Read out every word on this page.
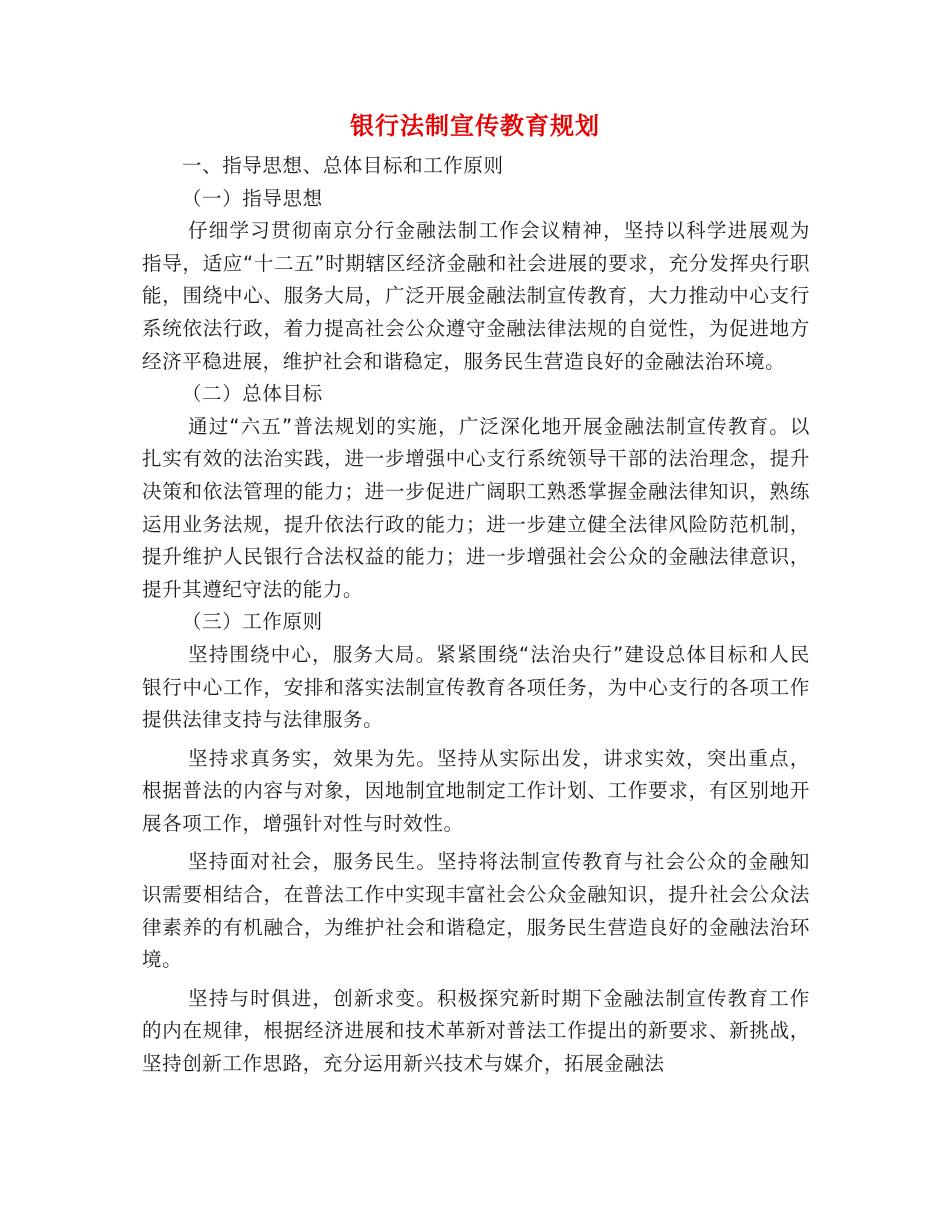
银行法制宣传教育规划

一、指导思想、总体目标和工作原则

（一）指导思想

仔细学习贯彻南京分行金融法制工作会议精神，坚持以科学进展观为指导，适应“十二五”时期辖区经济金融和社会进展的要求，充分发挥央行职能，围绕中心、服务大局，广泛开展金融法制宣传教育，大力推动中心支行系统依法行政，着力提高社会公众遵守金融法律法规的自觉性，为促进地方经济平稳进展，维护社会和谐稳定，服务民生营造良好的金融法治环境。

（二）总体目标

通过“六五”普法规划的实施，广泛深化地开展金融法制宣传教育。以扎实有效的法治实践，进一步增强中心支行系统领导干部的法治理念，提升决策和依法管理的能力；进一步促进广阔职工熟悉掌握金融法律知识，熟练运用业务法规，提升依法行政的能力；进一步建立健全法律风险防范机制，提升维护人民银行合法权益的能力；进一步增强社会公众的金融法律意识，提升其遵纪守法的能力。

（三）工作原则

坚持围绕中心，服务大局。紧紧围绕“法治央行”建设总体目标和人民银行中心工作，安排和落实法制宣传教育各项任务，为中心支行的各项工作提供法律支持与法律服务。

坚持求真务实，效果为先。坚持从实际出发，讲求实效，突出重点，根据普法的内容与对象，因地制宜地制定工作计划、工作要求，有区别地开展各项工作，增强针对性与时效性。

坚持面对社会，服务民生。坚持将法制宣传教育与社会公众的金融知识需要相结合，在普法工作中实现丰富社会公众金融知识，提升社会公众法律素养的有机融合，为维护社会和谐稳定，服务民生营造良好的金融法治环境。

坚持与时俱进，创新求变。积极探究新时期下金融法制宣传教育工作的内在规律，根据经济进展和技术革新对普法工作提出的新要求、新挑战，坚持创新工作思路，充分运用新兴技术与媒介，拓展金融法
